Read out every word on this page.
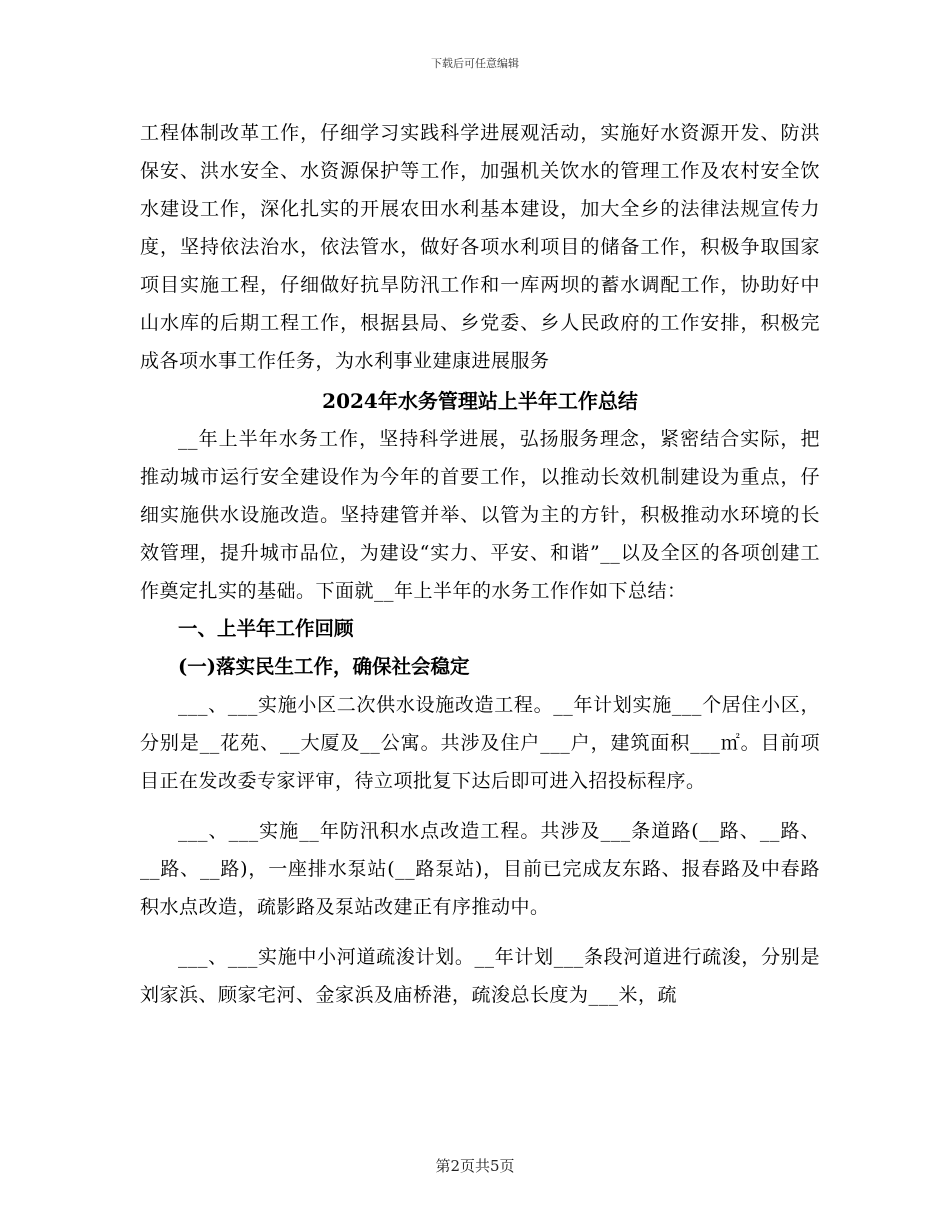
下载后可任意编辑

工程体制改革工作，仔细学习实践科学进展观活动，实施好水资源开发、防洪保安、洪水安全、水资源保护等工作，加强机关饮水的管理工作及农村安全饮水建设工作，深化扎实的开展农田水利基本建设，加大全乡的法律法规宣传力度，坚持依法治水，依法管水，做好各项水利项目的储备工作，积极争取国家项目实施工程，仔细做好抗旱防汛工作和一库两坝的蓄水调配工作，协助好中山水库的后期工程工作，根据县局、乡党委、乡人民政府的工作安排，积极完成各项水事工作任务，为水利事业建康进展服务

2024年水务管理站上半年工作总结

__年上半年水务工作，坚持科学进展，弘扬服务理念，紧密结合实际，把推动城市运行安全建设作为今年的首要工作，以推动长效机制建设为重点，仔细实施供水设施改造。坚持建管并举、以管为主的方针，积极推动水环境的长效管理，提升城市品位，为建设“实力、平安、和谐”__以及全区的各项创建工作奠定扎实的基础。下面就__年上半年的水务工作作如下总结：

一、上半年工作回顾

(一)落实民生工作，确保社会稳定

___、___实施小区二次供水设施改造工程。__年计划实施___个居住小区，分别是__花苑、__大厦及__公寓。共涉及住户___户，建筑面积___㎡。目前项目正在发改委专家评审，待立项批复下达后即可进入招投标程序。

___、___实施__年防汛积水点改造工程。共涉及___条道路(__路、__路、__路、__路)，一座排水泵站(__路泵站)，目前已完成友东路、报春路及中春路积水点改造，疏影路及泵站改建正有序推动中。

___、___实施中小河道疏浚计划。__年计划___条段河道进行疏浚，分别是刘家浜、顾家宅河、金家浜及庙桥港，疏浚总长度为___米，疏

第2页共5页
